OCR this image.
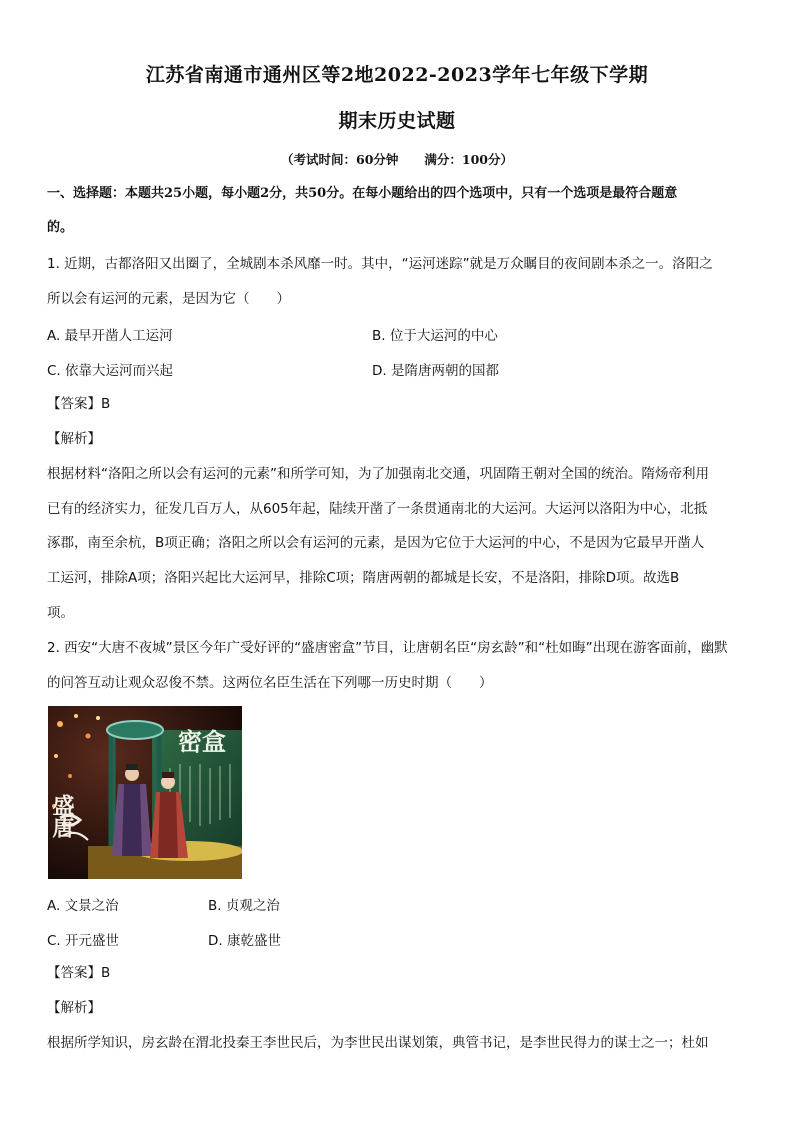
江苏省南通市通州区等2地2022-2023学年七年级下学期
期末历史试题
（考试时间：60分钟 满分：100分）
一、选择题：本题共25小题，每小题2分，共50分。在每小题给出的四个选项中，只有一个选项是最符合题意
的。
1. 近期，古都洛阳又出圈了，全城剧本杀风靡一时。其中，“运河迷踪”就是万众瞩目的夜间剧本杀之一。洛阳之
所以会有运河的元素，是因为它（　　）
A. 最早开凿人工运河	B. 位于大运河的中心
C. 依靠大运河而兴起	D. 是隋唐两朝的国都
【答案】B
【解析】
根据材料“洛阳之所以会有运河的元素”和所学可知，为了加强南北交通，巩固隋王朝对全国的统治。隋炀帝利用
已有的经济实力，征发几百万人，从605年起，陆续开凿了一条贯通南北的大运河。大运河以洛阳为中心，北抵
涿郡，南至余杭，B项正确；洛阳之所以会有运河的元素，是因为它位于大运河的中心，不是因为它最早开凿人
工运河，排除A项；洛阳兴起比大运河早，排除C项；隋唐两朝的都城是长安，不是洛阳，排除D项。故选B
项。
2. 西安“大唐不夜城”景区今年广受好评的“盛唐密盒”节目，让唐朝名臣“房玄龄”和“杜如晦”出现在游客面前，幽默
的问答互动让观众忍俊不禁。这两位名臣生活在下列哪一历史时期（　　）
密盒
盛唐
A. 文景之治	B. 贞观之治
C. 开元盛世	D. 康乾盛世
【答案】B
【解析】
根据所学知识，房玄龄在渭北投秦王李世民后，为李世民出谋划策，典管书记，是李世民得力的谋士之一；杜如
